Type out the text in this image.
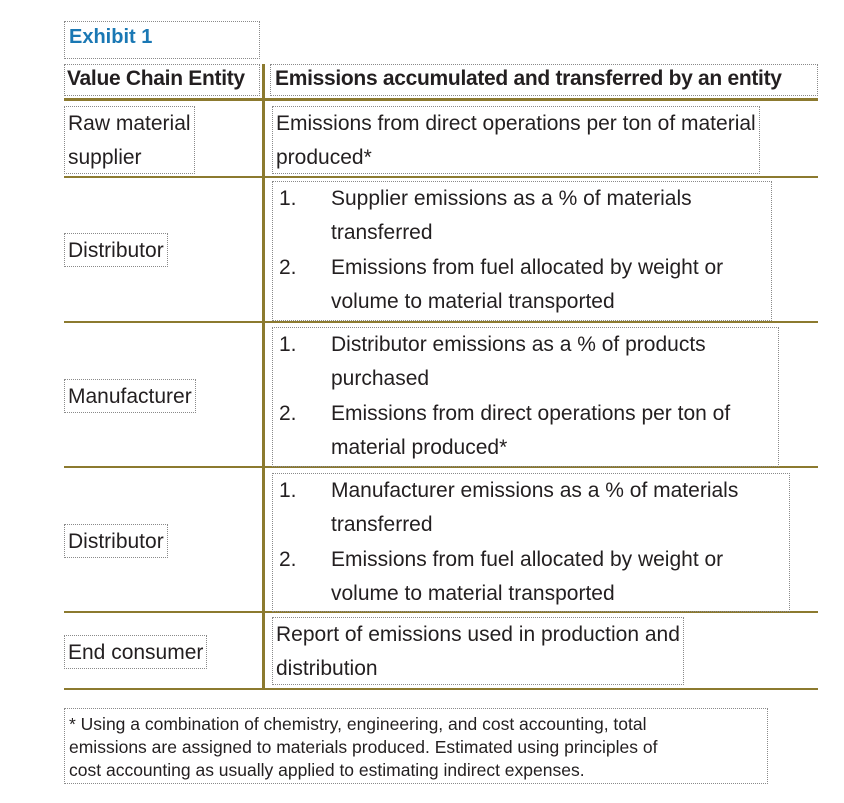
Exhibit 1
Value Chain Entity	Emissions accumulated and transferred by an entity
Raw material
supplier
Emissions from direct operations per ton of material
produced*
Distributor
1. Supplier emissions as a % of materials
transferred
2. Emissions from fuel allocated by weight or
volume to material transported
Manufacturer
1. Distributor emissions as a % of products
purchased
2. Emissions from direct operations per ton of
material produced*
Distributor
1. Manufacturer emissions as a % of materials
transferred
2. Emissions from fuel allocated by weight or
volume to material transported
End consumer
Report of emissions used in production and
distribution
* Using a combination of chemistry, engineering, and cost accounting, total
emissions are assigned to materials produced. Estimated using principles of
cost accounting as usually applied to estimating indirect expenses.
